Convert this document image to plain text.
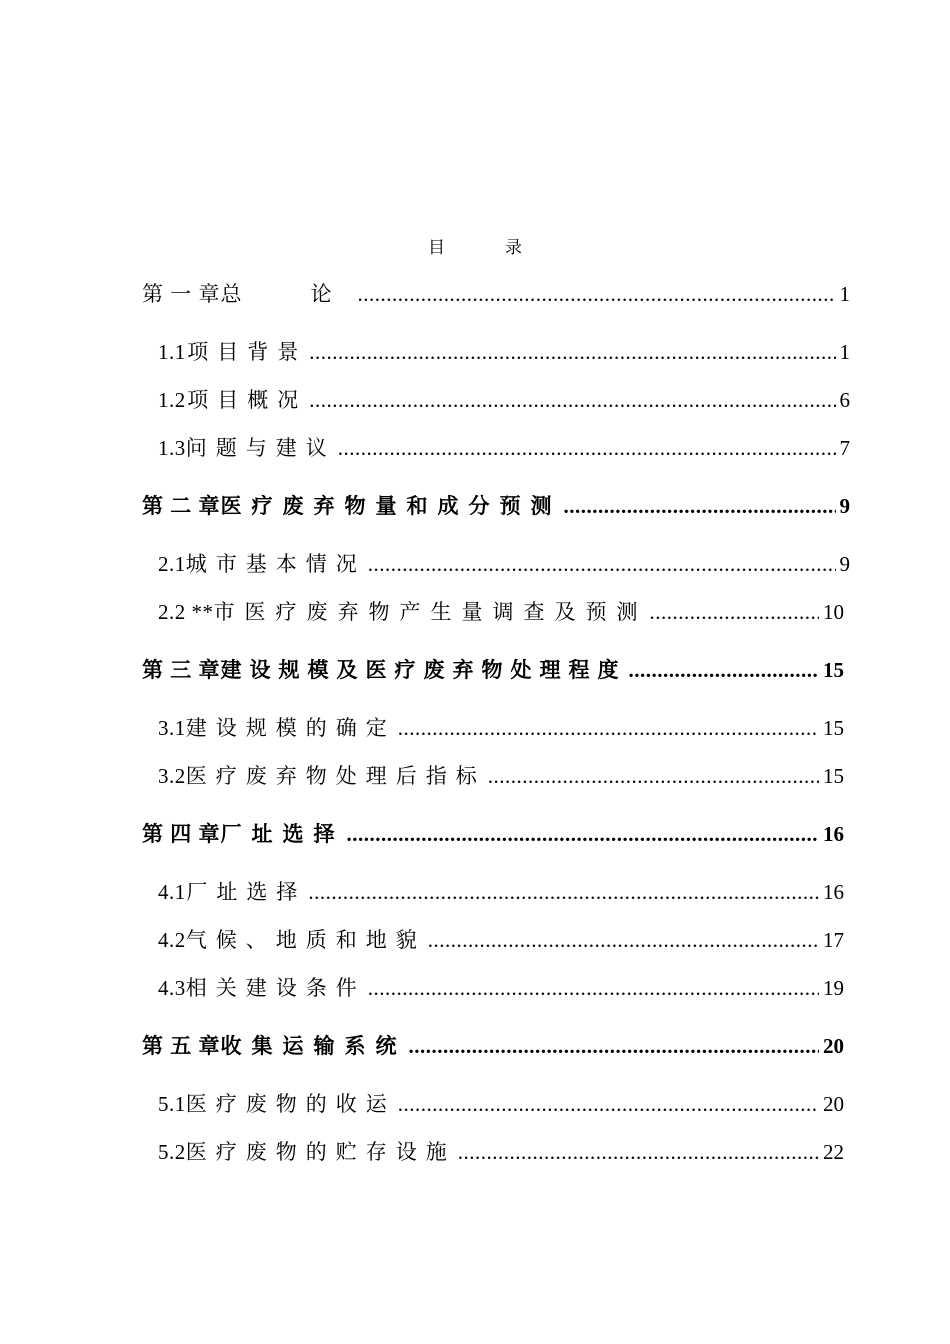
目	录
第 一 章 总　论 .....	1
1.1 项目背景 .....	1
1.2 项目概况 .....	6
1.3 问题与建议 .....	7
第 二 章 医疗废弃物量和成分预测 .....	9
2.1 城市基本情况 .....	9
2.2 ** 市医疗废弃物产生量调查及预测 .....	10
第 三 章 建设规模及医疗废弃物处理程度 .....	15
3.1 建设规模的确定 .....	15
3.2 医疗废弃物处理后指标 .....	15
第 四 章 厂址选择 .....	16
4.1 厂址选择 .....	16
4.2 气候、地质和地貌 .....	17
4.3 相关建设条件 .....	19
第 五 章 收集运输系统 .....	20
5.1 医疗废物的收运 .....	20
5.2 医疗废物的贮存设施 .....	22
